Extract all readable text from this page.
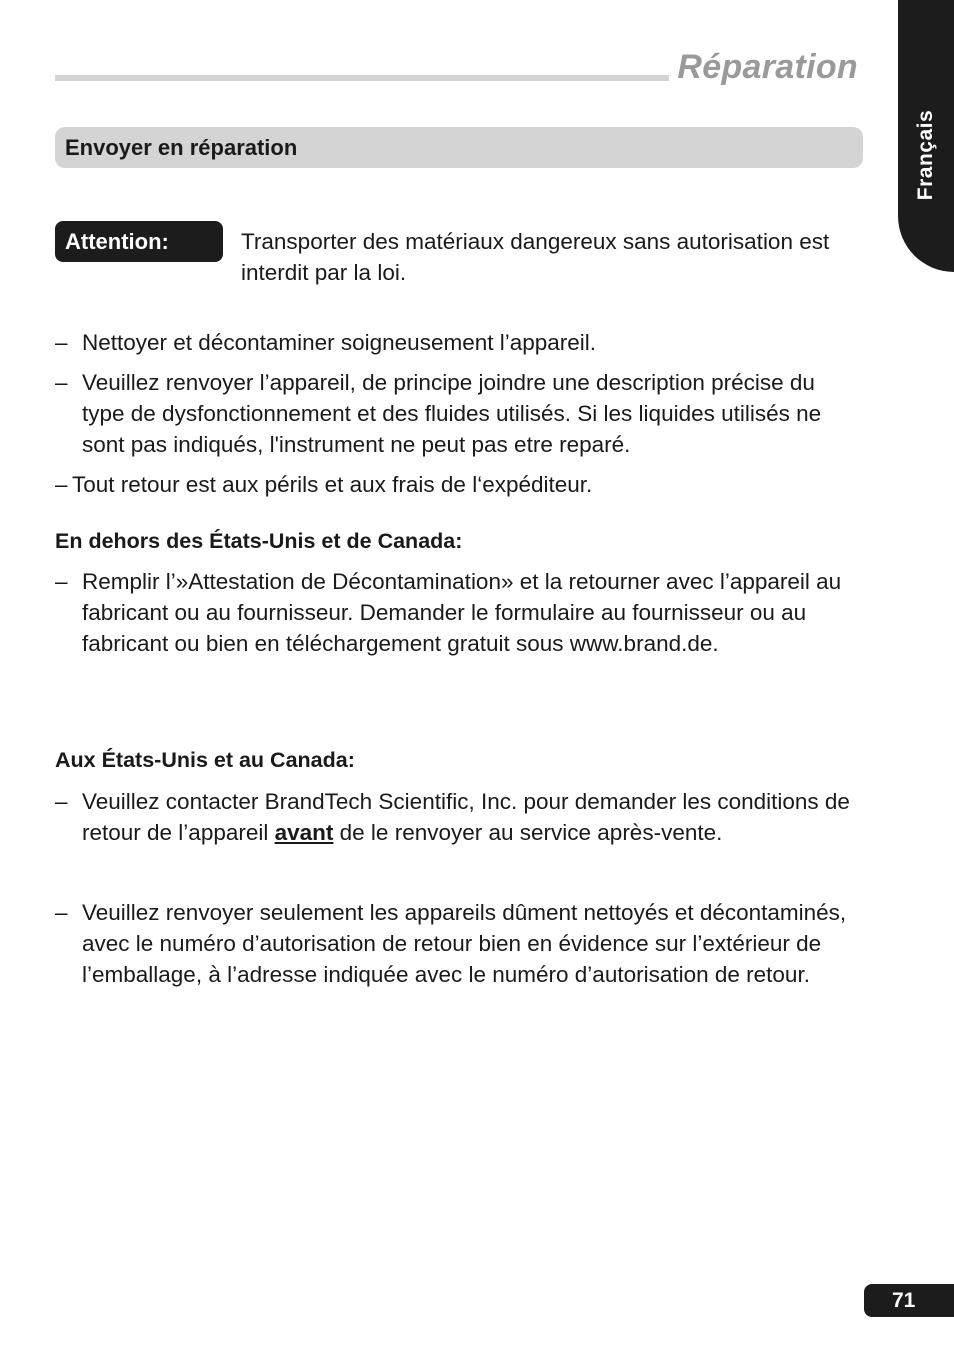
Réparation
Français
Envoyer en réparation
Attention:	Transporter des matériaux dangereux sans autorisation est interdit par la loi.
– Nettoyer et décontaminer soigneusement l’appareil.
– Veuillez renvoyer l’appareil, de principe joindre une description précise du type de dysfonctionnement et des fluides utilisés. Si les liquides utilisés ne sont pas indiqués, l'instrument ne peut pas etre reparé.
– Tout retour est aux périls et aux frais de l‘expéditeur.
En dehors des États-Unis et de Canada:
– Remplir l’»Attestation de Décontamination» et la retourner avec l’appareil au fabricant ou au fournisseur. Demander le formulaire au fournisseur ou au fabricant ou bien en téléchargement gratuit sous www.brand.de.
Aux États-Unis et au Canada:
– Veuillez contacter BrandTech Scientific, Inc. pour demander les conditions de retour de l’appareil avant de le renvoyer au service après-vente.
– Veuillez renvoyer seulement les appareils dûment nettoyés et décontaminés, avec le numéro d’autorisation de retour bien en évidence sur l’extérieur de l’emballage, à l’adresse indiquée avec le numéro d’autorisation de retour.
71
